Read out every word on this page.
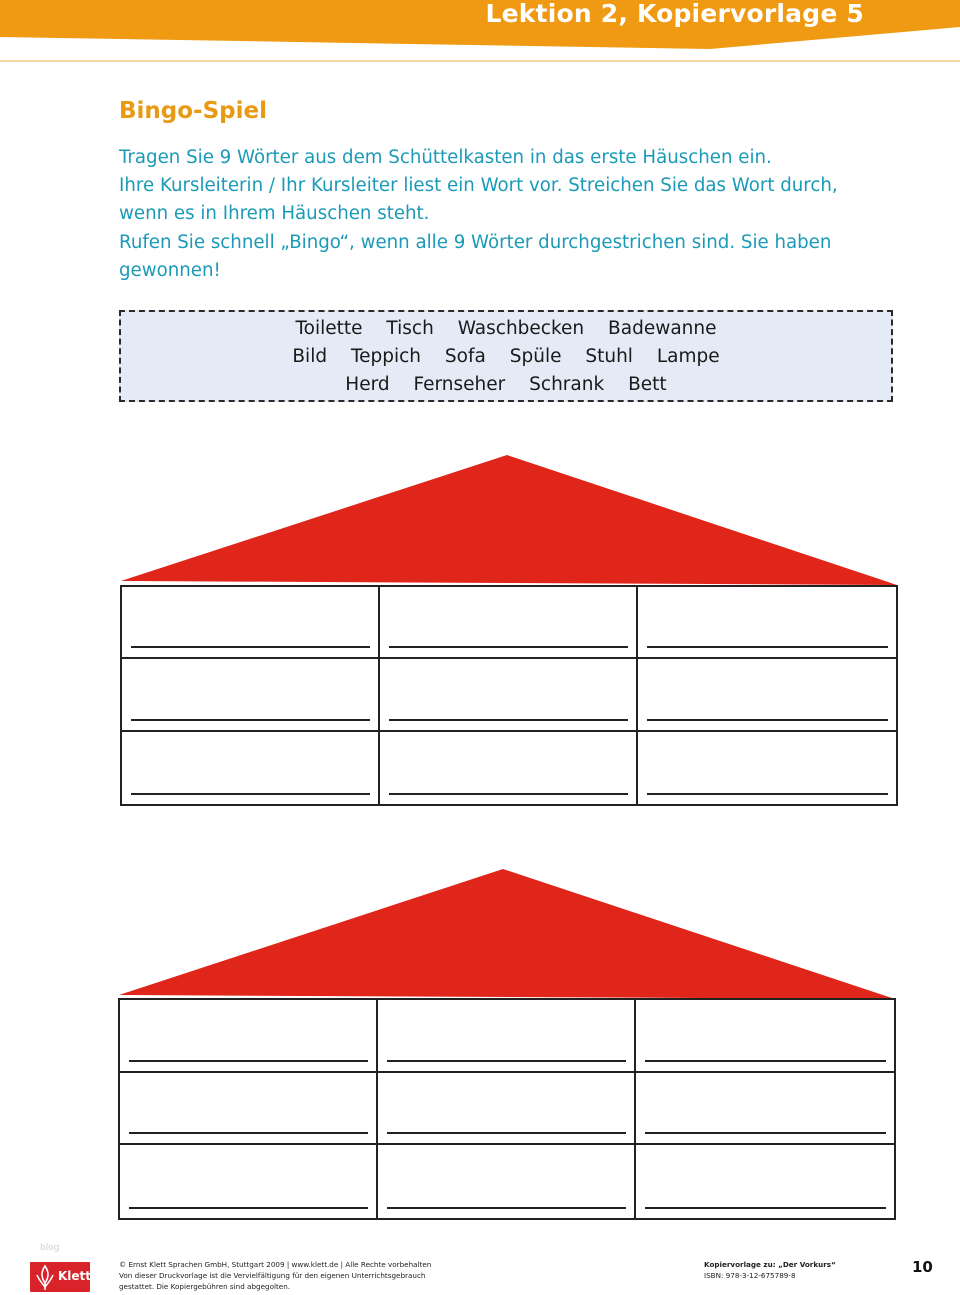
Lektion 2, Kopiervorlage 5
Bingo-Spiel

Tragen Sie 9 Wörter aus dem Schüttelkasten in das erste Häuschen ein.

Ihre Kursleiterin / Ihr Kursleiter liest ein Wort vor. Streichen Sie das Wort durch,

wenn es in Ihrem Häuschen steht.

Rufen Sie schnell „Bingo“, wenn alle 9 Wörter durchgestrichen sind. Sie haben

gewonnen!

Toilette Tisch Waschbecken Badewanne
Bild Teppich Sofa Spüle Stuhl Lampe
Herd Fernseher Schrank Bett
blog
Klett
© Ernst Klett Sprachen GmbH, Stuttgart 2009 | www.klett.de | Alle Rechte vorbehalten
Von dieser Druckvorlage ist die Vervielfältigung für den eigenen Unterrichtsgebrauch
gestattet. Die Kopiergebühren sind abgegolten.
Kopiervorlage zu: „Der Vorkurs“
ISBN: 978-3-12-675789-8	10
